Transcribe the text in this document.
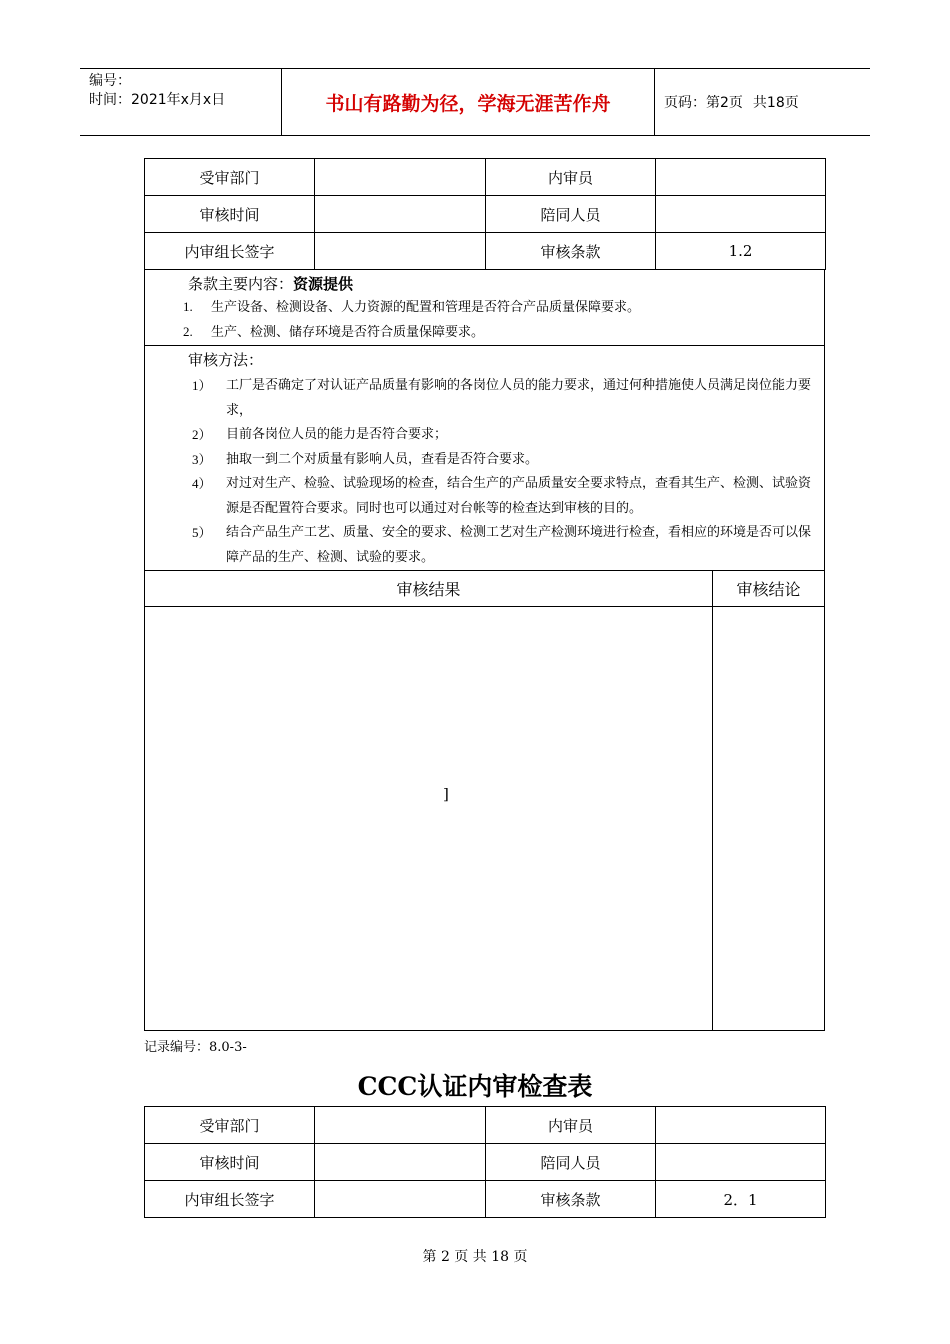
编号：
时间：2021年x月x日	书山有路勤为径，学海无涯苦作舟	页码：第2页 共18页
受审部门		内审员	
审核时间		陪同人员	
内审组长签字		审核条款	1.2
条款主要内容：资源提供
1. 生产设备、检测设备、人力资源的配置和管理是否符合产品质量保障要求。
2. 生产、检测、储存环境是否符合质量保障要求。
审核方法：
1）	工厂是否确定了对认证产品质量有影响的各岗位人员的能力要求，通过何种措施使人员满足岗位能力要求，
2）	目前各岗位人员的能力是否符合要求；
3）	抽取一到二个对质量有影响人员，查看是否符合要求。
4）	对过对生产、检验、试验现场的检查，结合生产的产品质量安全要求特点，查看其生产、检测、试验资源是否配置符合要求。同时也可以通过对台帐等的检查达到审核的目的。
5）	结合产品生产工艺、质量、安全的要求、检测工艺对生产检测环境进行检查，看相应的环境是否可以保障产品的生产、检测、试验的要求。
审核结果	审核结论
]
记录编号：8.0-3-
CCC认证内审检查表
受审部门		内审员	
审核时间		陪同人员	
内审组长签字		审核条款	2．1
第 2 页 共 18 页
